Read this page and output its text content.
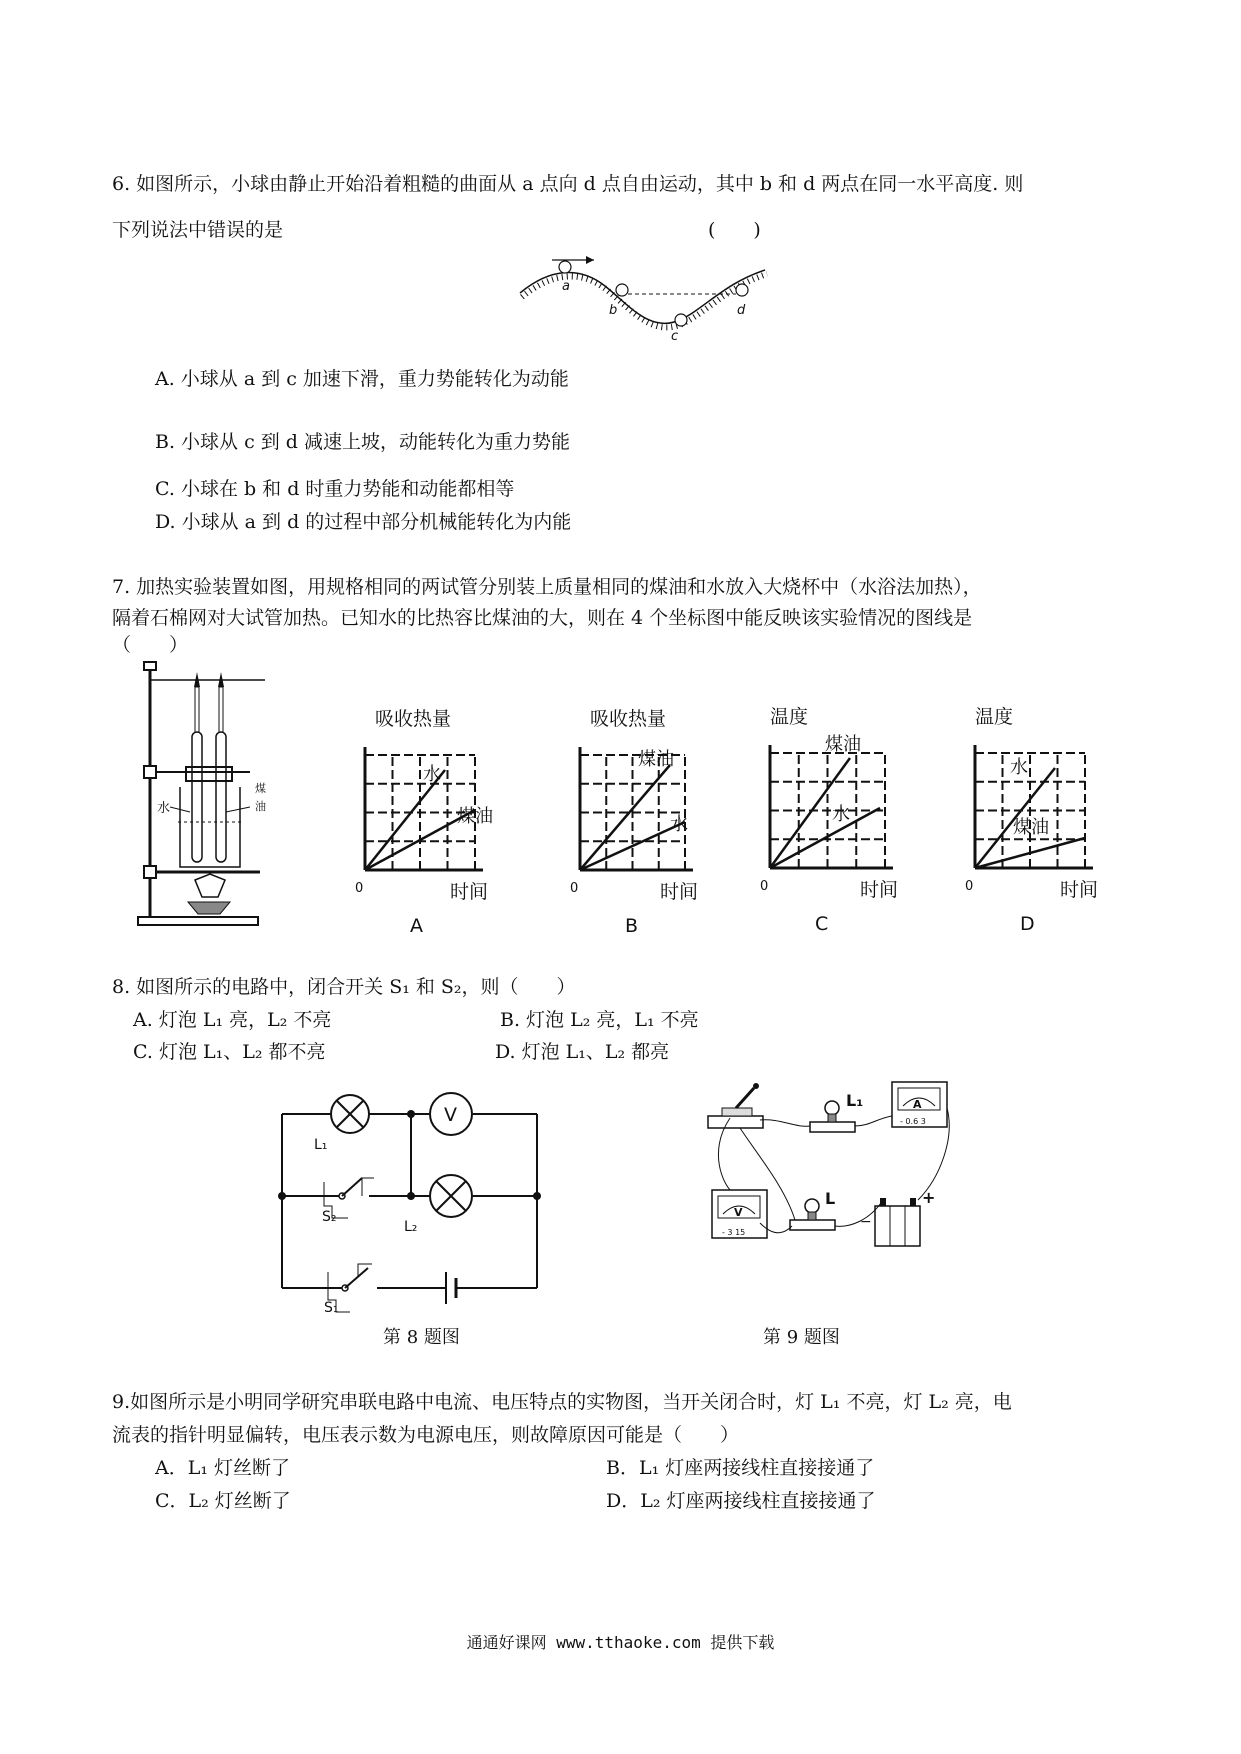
6. 如图所示，小球由静止开始沿着粗糙的曲面从 a 点向 d 点自由运动，其中 b 和 d 两点在同一水平高度. 则
下列说法中错误的是	(　　)
a
b
c
d
A. 小球从 a 到 c 加速下滑，重力势能转化为动能
B. 小球从 c 到 d 减速上坡，动能转化为重力势能
C. 小球在 b 和 d 时重力势能和动能都相等
D. 小球从 a 到 d 的过程中部分机械能转化为内能
7. 加热实验装置如图，用规格相同的两试管分别装上质量相同的煤油和水放入大烧杯中（水浴法加热），
隔着石棉网对大试管加热。已知水的比热容比煤油的大，则在 4 个坐标图中能反映该实验情况的图线是
（　　）
水
煤
油
水
煤油
吸收热量
时间
0
A
煤油
水
吸收热量
时间
0
B
煤油
水
温度
时间
0
C
水
煤油
温度
时间
0
D
8. 如图所示的电路中，闭合开关 S₁ 和 S₂，则（　　）
A. 灯泡 L₁ 亮，L₂ 不亮	B. 灯泡 L₂ 亮，L₁ 不亮
C. 灯泡 L₁、L₂ 都不亮	D. 灯泡 L₁、L₂ 都亮
V
L₁
L₂
S₂
S₁
第 8 题图
L₁	A
- 0.6 3
V
- 3 15
L	+
−
第 9 题图
9.如图所示是小明同学研究串联电路中电流、电压特点的实物图，当开关闭合时，灯 L₁ 不亮，灯 L₂ 亮，电
流表的指针明显偏转，电压表示数为电源电压，则故障原因可能是（　　）
A．L₁ 灯丝断了	B．L₁ 灯座两接线柱直接接通了
C．L₂ 灯丝断了	D．L₂ 灯座两接线柱直接接通了
通通好课网 www.tthaoke.com 提供下载
